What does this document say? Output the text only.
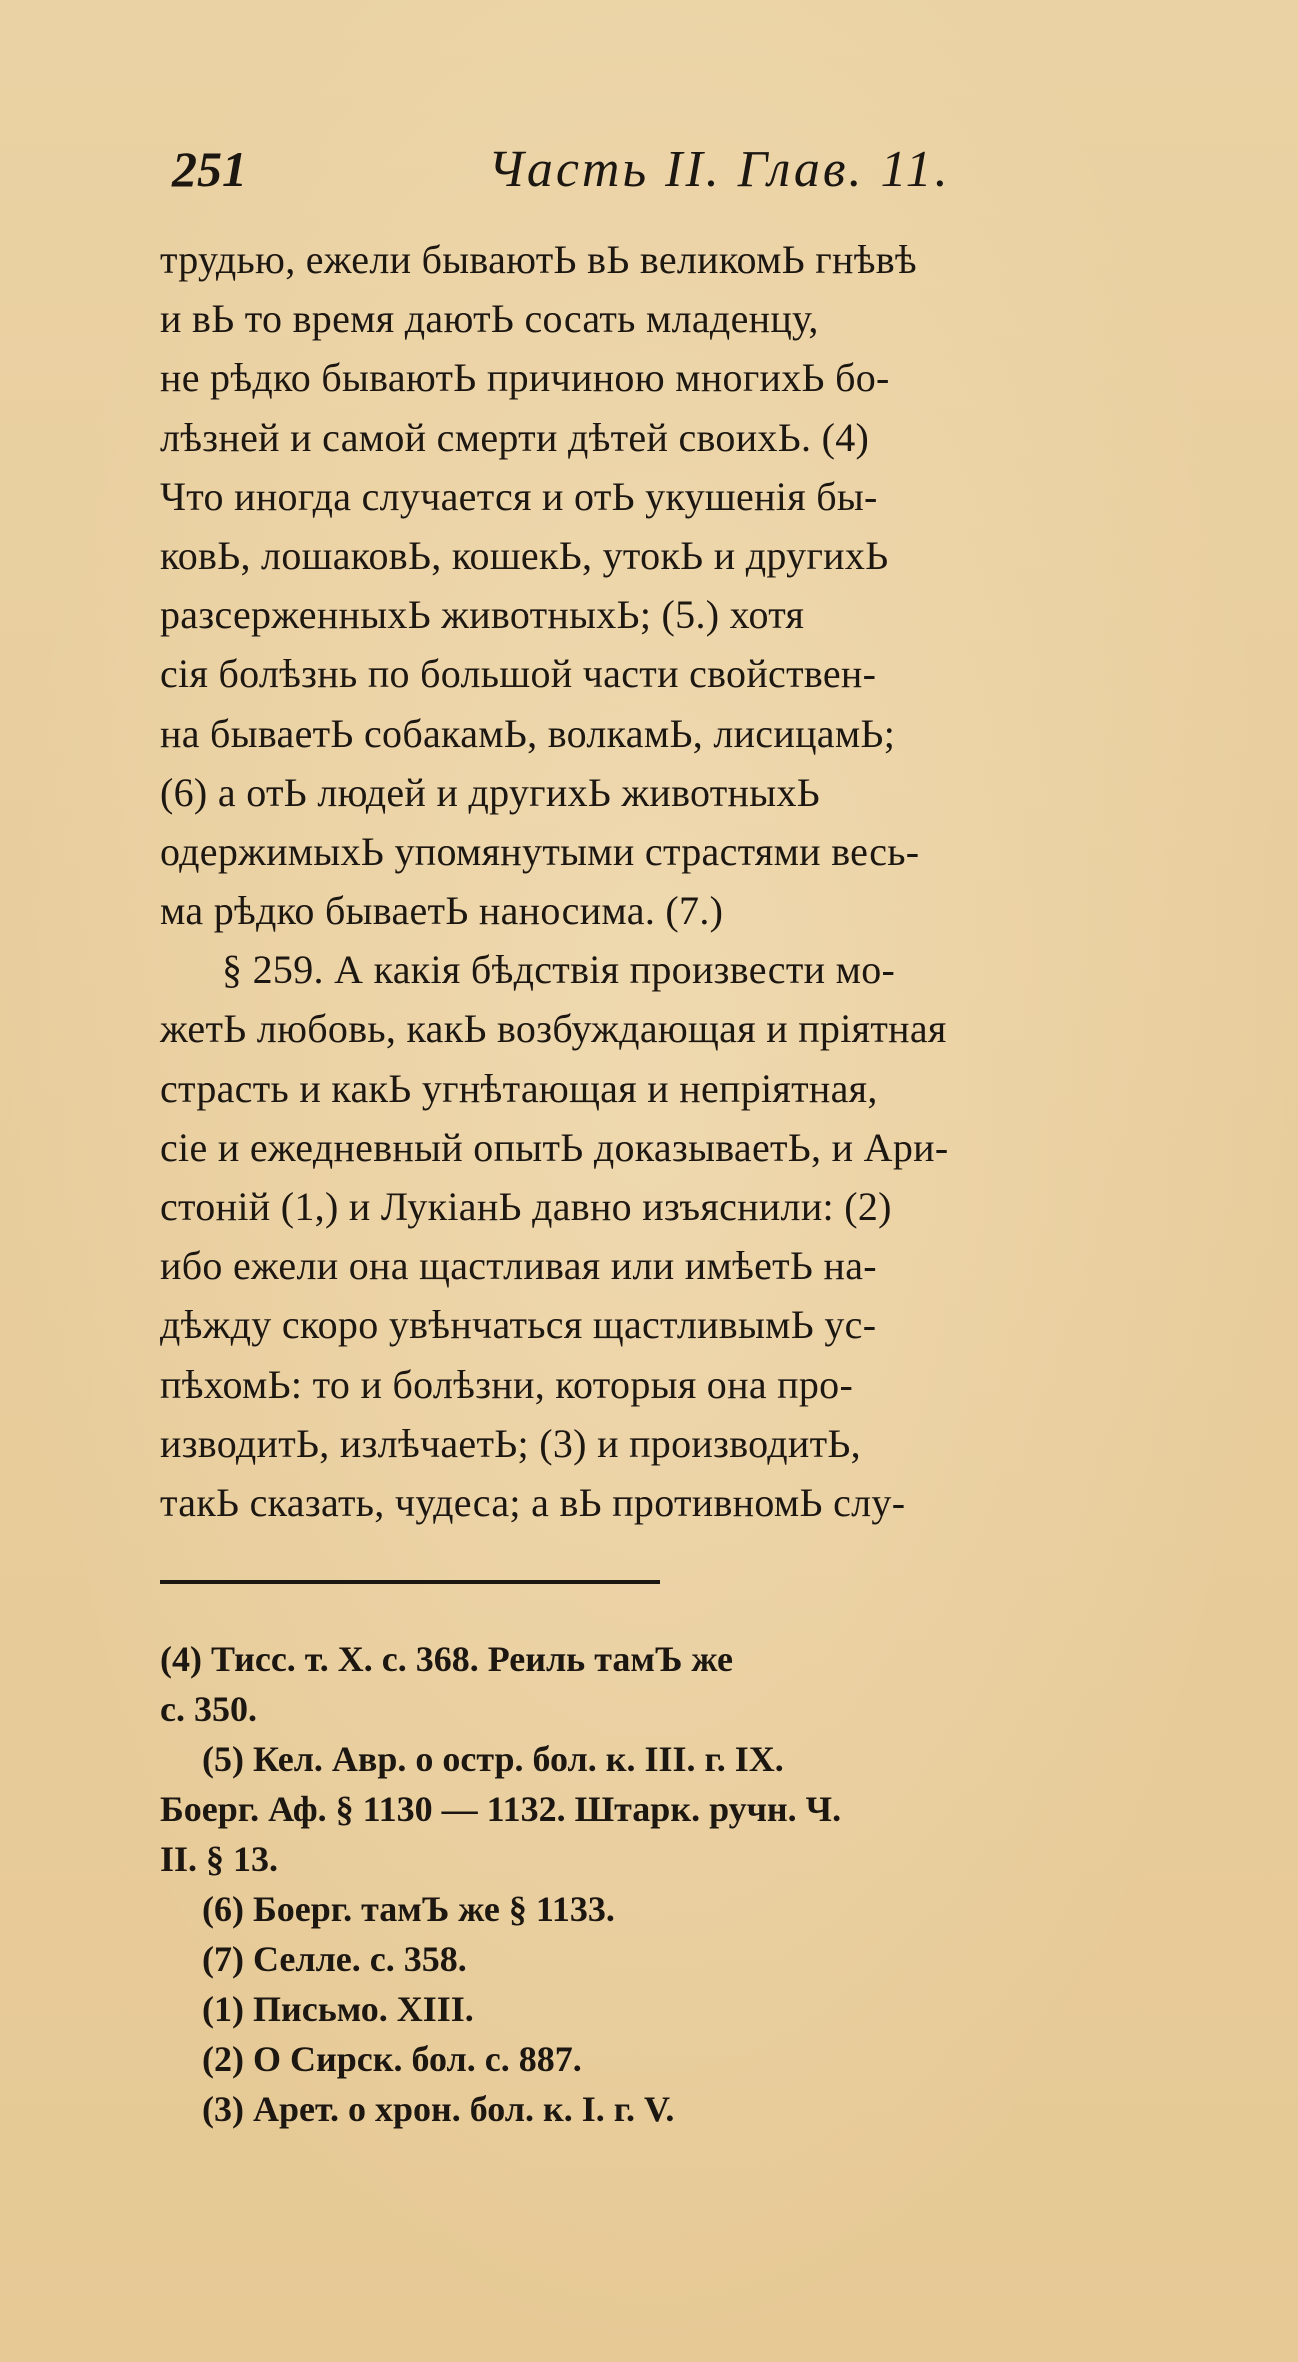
251	Часть II. Глав. 11.
трудью, ежели бываютЬ вЬ великомЬ гнѣвѣ
и вЬ то время даютЬ сосать младенцу,
не рѣдко бываютЬ причиною многихЬ бо-
лѣзней и самой смерти дѣтей своихЬ. (4)
Что иногда случается и отЬ укушенія бы-
ковЬ, лошаковЬ, кошекЬ, утокЬ и другихЬ
разсерженныхЬ животныхЬ; (5.) хотя
сія болѣзнь по большой части свойствен-
на бываетЬ собакамЬ, волкамЬ, лисицамЬ;
(6) а отЬ людей и другихЬ животныхЬ
одержимыхЬ упомянутыми страстями весь-
ма рѣдко бываетЬ наносима. (7.)
§ 259. А какія бѣдствія произвести мо-
жетЬ любовь, какЬ возбуждающая и пріятная
страсть и какЬ угнѣтающая и непріятная,
сіе и ежедневный опытЬ доказываетЬ, и Ари-
стоній (1,) и ЛукіанЬ давно изъяснили: (2)
ибо ежели она щастливая или имѣетЬ на-
дѣжду скоро увѣнчаться щастливымЬ ус-
пѣхомЬ: то и болѣзни, которыя она про-
изводитЬ, излѣчаетЬ; (3) и производитЬ,
такЬ сказать, чудеса; а вЬ противномЬ слу-
(4) Тисс. т. X. с. 368. Реиль тамЪ же
с. 350.
(5) Кел. Авр. о остр. бол. к. III. г. IX.
Боерг. Аф. § 1130 — 1132. Штарк. ручн. Ч.
II. § 13.
(6) Боерг. тамЪ же § 1133.
(7) Селле. с. 358.
(1) Письмо. XIII.
(2) О Сирск. бол. с. 887.
(3) Арет. о хрон. бол. к. I. г. V.
